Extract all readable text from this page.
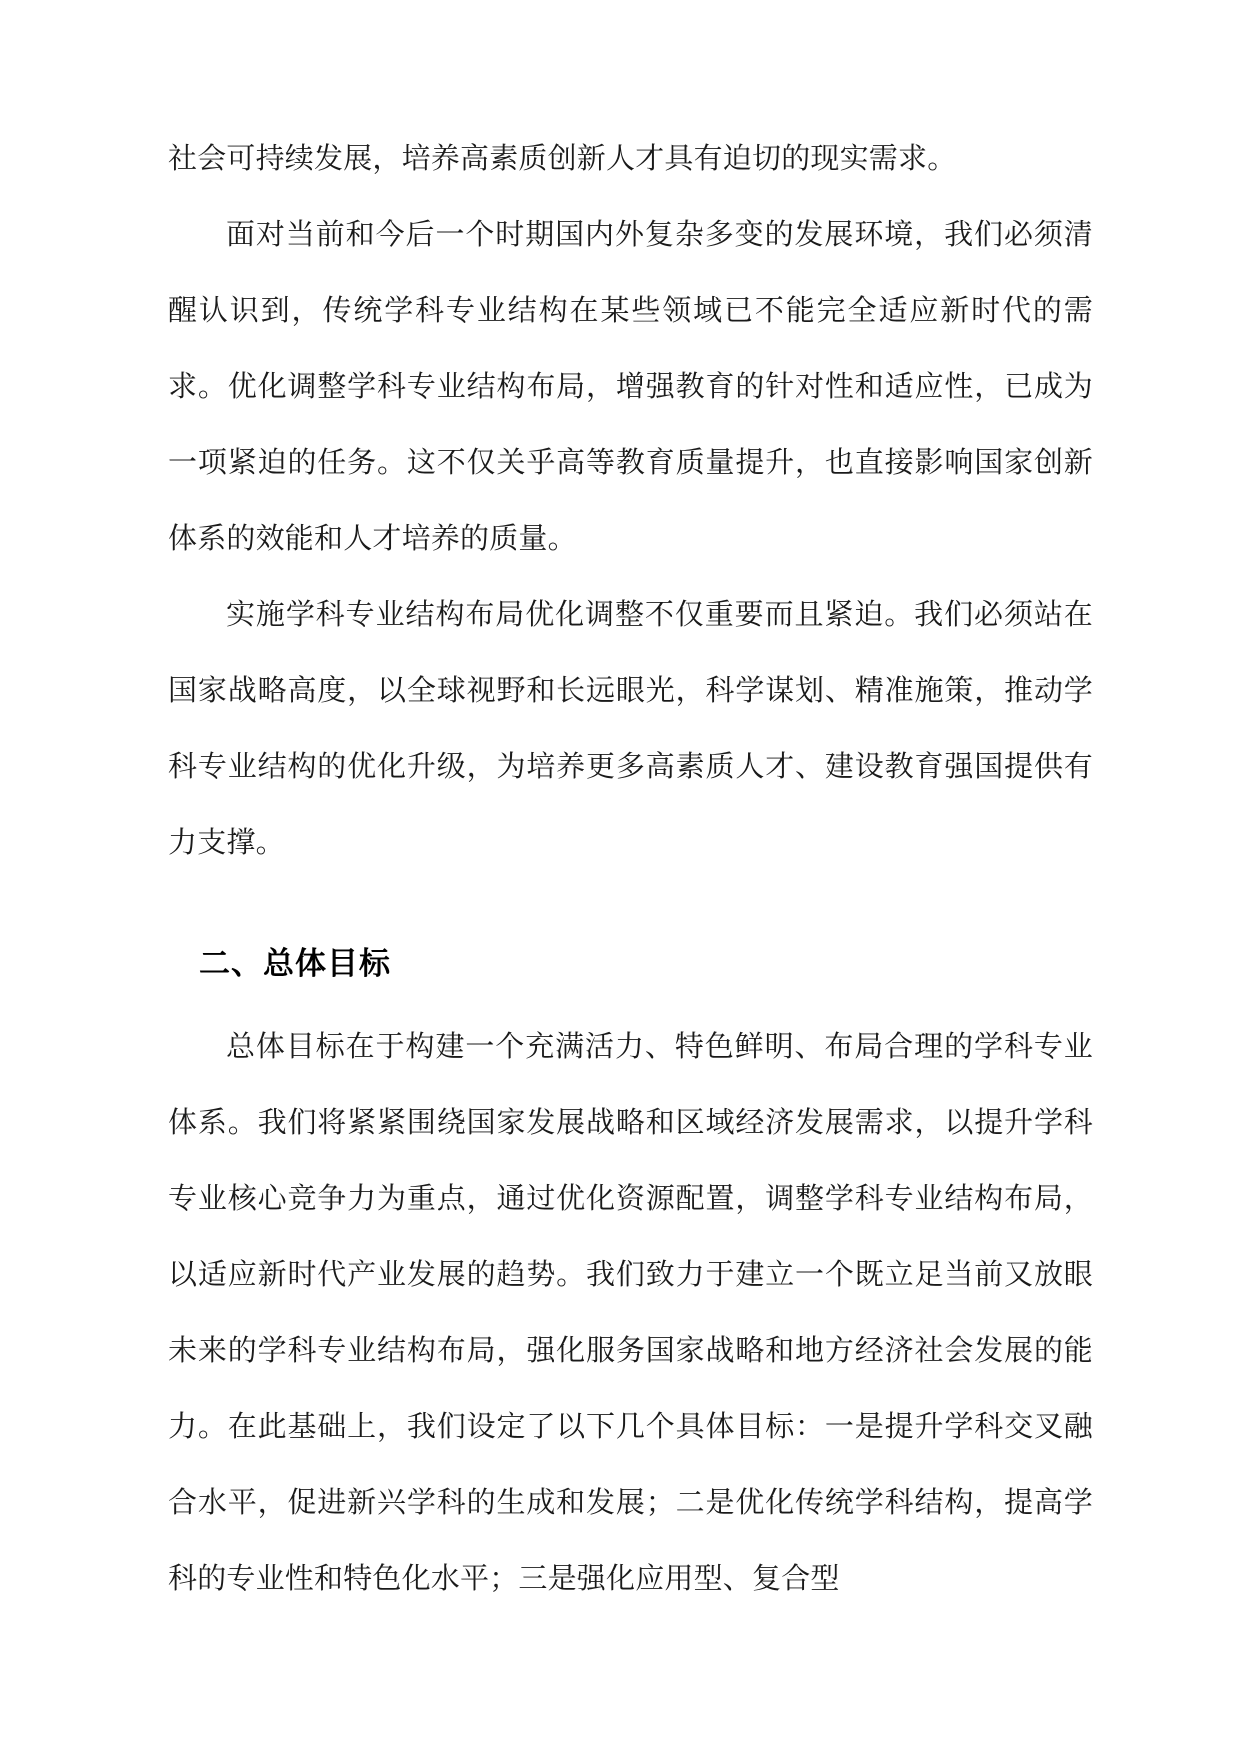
社会可持续发展，培养高素质创新人才具有迫切的现实需求。

面对当前和今后一个时期国内外复杂多变的发展环境，我们必须清醒认识到，传统学科专业结构在某些领域已不能完全适应新时代的需求。优化调整学科专业结构布局，增强教育的针对性和适应性，已成为一项紧迫的任务。这不仅关乎高等教育质量提升，也直接影响国家创新体系的效能和人才培养的质量。

实施学科专业结构布局优化调整不仅重要而且紧迫。我们必须站在国家战略高度，以全球视野和长远眼光，科学谋划、精准施策，推动学科专业结构的优化升级，为培养更多高素质人才、建设教育强国提供有力支撑。

二、总体目标

总体目标在于构建一个充满活力、特色鲜明、布局合理的学科专业体系。我们将紧紧围绕国家发展战略和区域经济发展需求，以提升学科专业核心竞争力为重点，通过优化资源配置，调整学科专业结构布局，以适应新时代产业发展的趋势。我们致力于建立一个既立足当前又放眼未来的学科专业结构布局，强化服务国家战略和地方经济社会发展的能力。在此基础上，我们设定了以下几个具体目标：一是提升学科交叉融合水平，促进新兴学科的生成和发展；二是优化传统学科结构，提高学科的专业性和特色化水平；三是强化应用型、复合型
